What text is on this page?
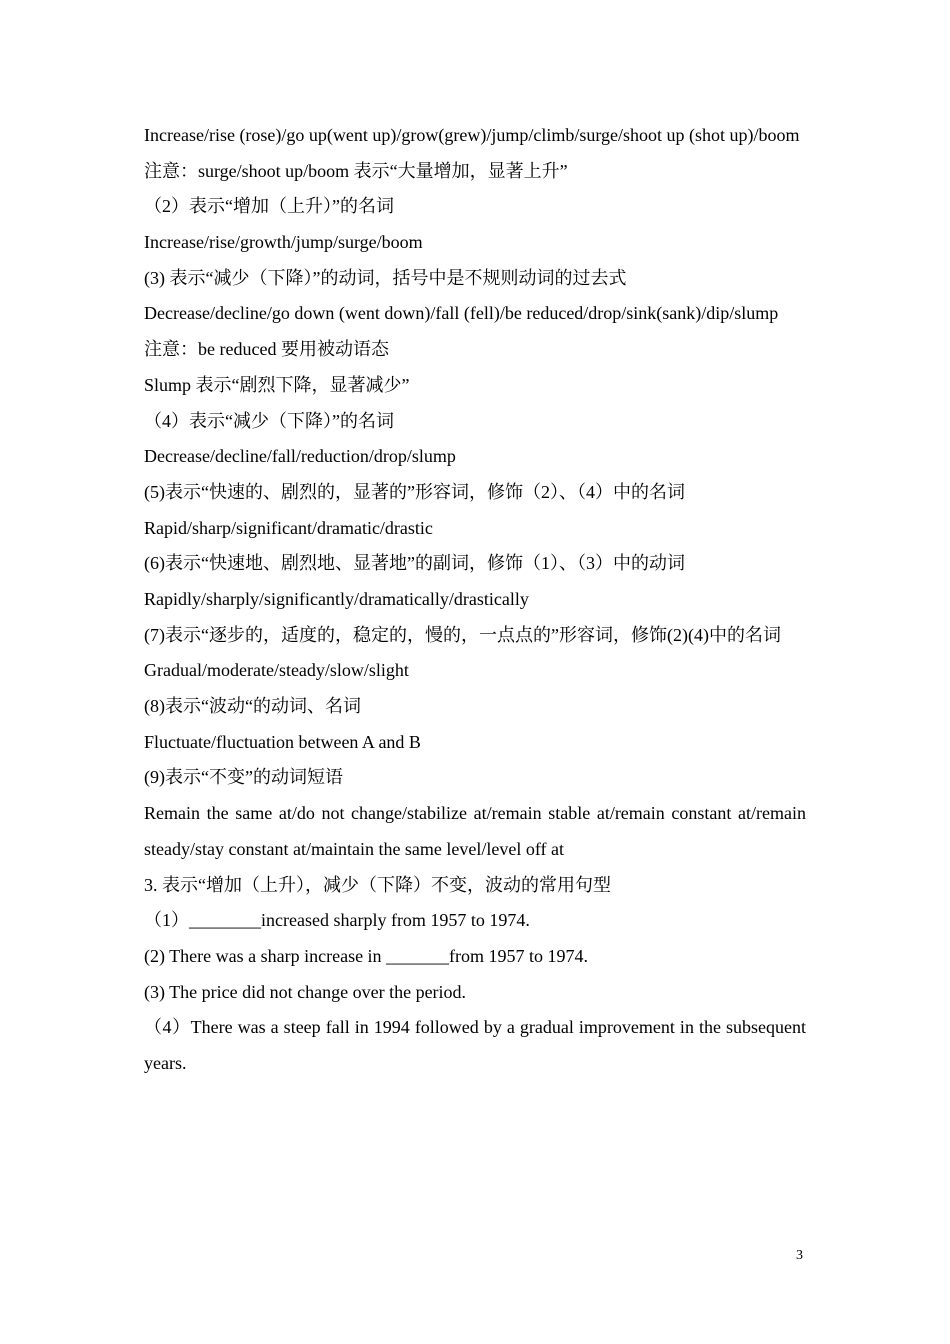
Increase/rise (rose)/go up(went up)/grow(grew)/jump/climb/surge/shoot up (shot up)/boom
注意：surge/shoot up/boom 表示“大量增加，显著上升”
（2）表示“增加（上升）”的名词
Increase/rise/growth/jump/surge/boom
(3) 表示“减少（下降）”的动词，括号中是不规则动词的过去式
Decrease/decline/go down (went down)/fall (fell)/be reduced/drop/sink(sank)/dip/slump
注意：be reduced 要用被动语态
Slump 表示“剧烈下降，显著减少”
（4）表示“减少（下降）”的名词
Decrease/decline/fall/reduction/drop/slump
(5)表示“快速的、剧烈的，显著的”形容词，修饰（2）、（4）中的名词
Rapid/sharp/significant/dramatic/drastic
(6)表示“快速地、剧烈地、显著地”的副词，修饰（1）、（3）中的动词
Rapidly/sharply/significantly/dramatically/drastically
(7)表示“逐步的，适度的，稳定的，慢的，一点点的”形容词，修饰(2)(4)中的名词
Gradual/moderate/steady/slow/slight
(8)表示“波动“的动词、名词
Fluctuate/fluctuation between A and B
(9)表示“不变”的动词短语
Remain the same at/do not change/stabilize at/remain stable at/remain constant at/remain steady/stay constant at/maintain the same level/level off at
3. 表示“增加（上升），减少（下降）不变，波动的常用句型
（1）________increased sharply from 1957 to 1974.
(2) There was a sharp increase in _______from 1957 to 1974.
(3) The price did not change over the period.
（4）There was a steep fall in 1994 followed by a gradual improvement in the subsequent years.
3
